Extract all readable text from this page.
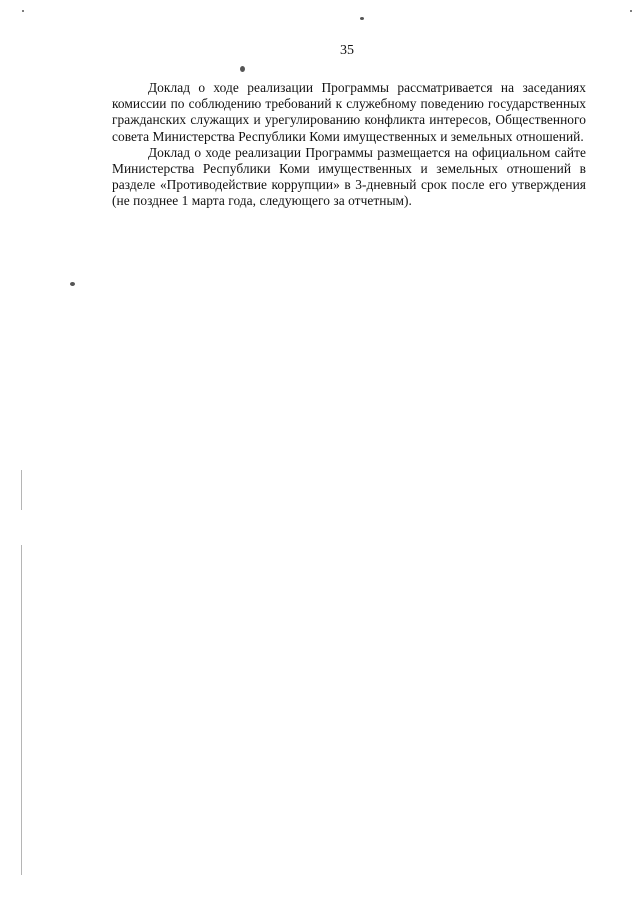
35

Доклад о ходе реализации Программы рассматривается на заседаниях комиссии по соблюдению требований к служебному поведению государственных гражданских служащих и урегулированию конфликта интересов, Общественного совета Министерства Республики Коми имущественных и земельных отношений.

Доклад о ходе реализации Программы размещается на официальном сайте Министерства Республики Коми имущественных и земельных отношений в разделе «Противодействие коррупции» в 3-дневный срок после его утверждения (не позднее 1 марта года, следующего за отчетным).
